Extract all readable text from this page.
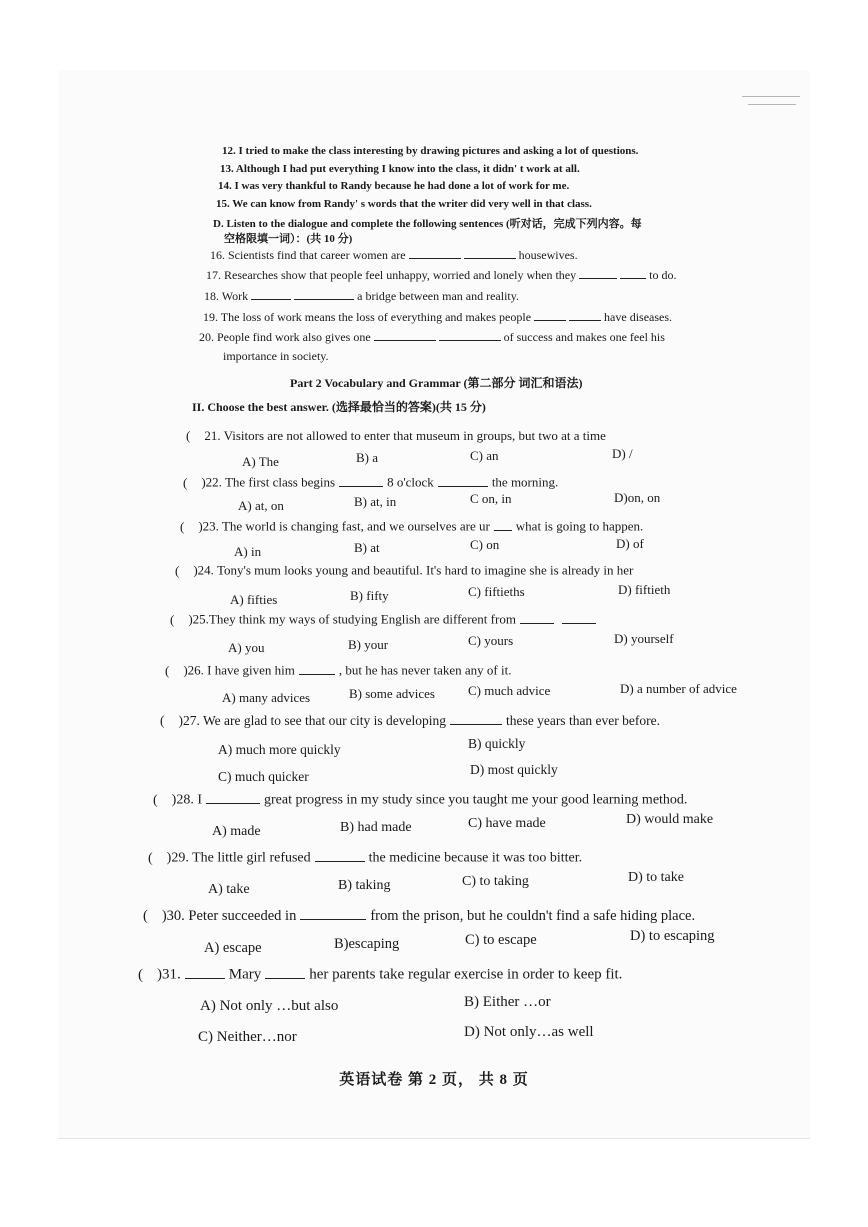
12. I tried to make the class interesting by drawing pictures and asking a lot of questions.
13. Although I had put everything I know into the class, it didn' t work at all.
14. I was very thankful to Randy because he had done a lot of work for me.
15. We can know from Randy' s words that the writer did very well in that class.
D. Listen to the dialogue and complete the following sentences (听对话，完成下列内容。每
空格限填一词）：(共 10 分)
16. Scientists find that career women are	housewives.
17. Researches show that people feel unhappy, worried and lonely when they	to do.
18. Work	a bridge between man and reality.
19. The loss of work means the loss of everything and makes people	have diseases.
20. People find work also gives one	of success and makes one feel his
importance in society.
Part 2 Vocabulary and Grammar (第二部分 词汇和语法)
II. Choose the best answer. (选择最恰当的答案)(共 15 分)
( 21. Visitors are not allowed to enter that museum in groups, but two at a time
A) The	B) a	C) an	D) /
( )22. The first class begins	8 o'clock	the morning.
A) at, on	B) at, in	C on, in	D)on, on
( )23. The world is changing fast, and we ourselves are ur what is going to happen.
A) in	B) at	C) on	D) of
( )24. Tony's mum looks young and beautiful. It's hard to imagine she is already in her
A) fifties	B) fifty	C) fiftieths	D) fiftieth
( )25.They think my ways of studying English are different from
A) you	B) your	C) yours	D) yourself
( )26. I have given him	, but he has never taken any of it.
A) many advices	B) some advices	C) much advice	D) a number of advice
( )27. We are glad to see that our city is developing	these years than ever before.
A) much more quickly	B) quickly
C) much quicker	D) most quickly
( )28. I	great progress in my study since you taught me your good learning method.
A) made	B) had made	C) have made	D) would make
( )29. The little girl refused	the medicine because it was too bitter.
A) take	B) taking	C) to taking	D) to take
( )30. Peter succeeded in	from the prison, but he couldn't find a safe hiding place.
A) escape	B)escaping	C) to escape	D) to escaping
( )31.	Mary	her parents take regular exercise in order to keep fit.
A) Not only …but also	B) Either …or
C) Neither…nor	D) Not only…as well
英语试卷 第 2 页， 共 8 页
